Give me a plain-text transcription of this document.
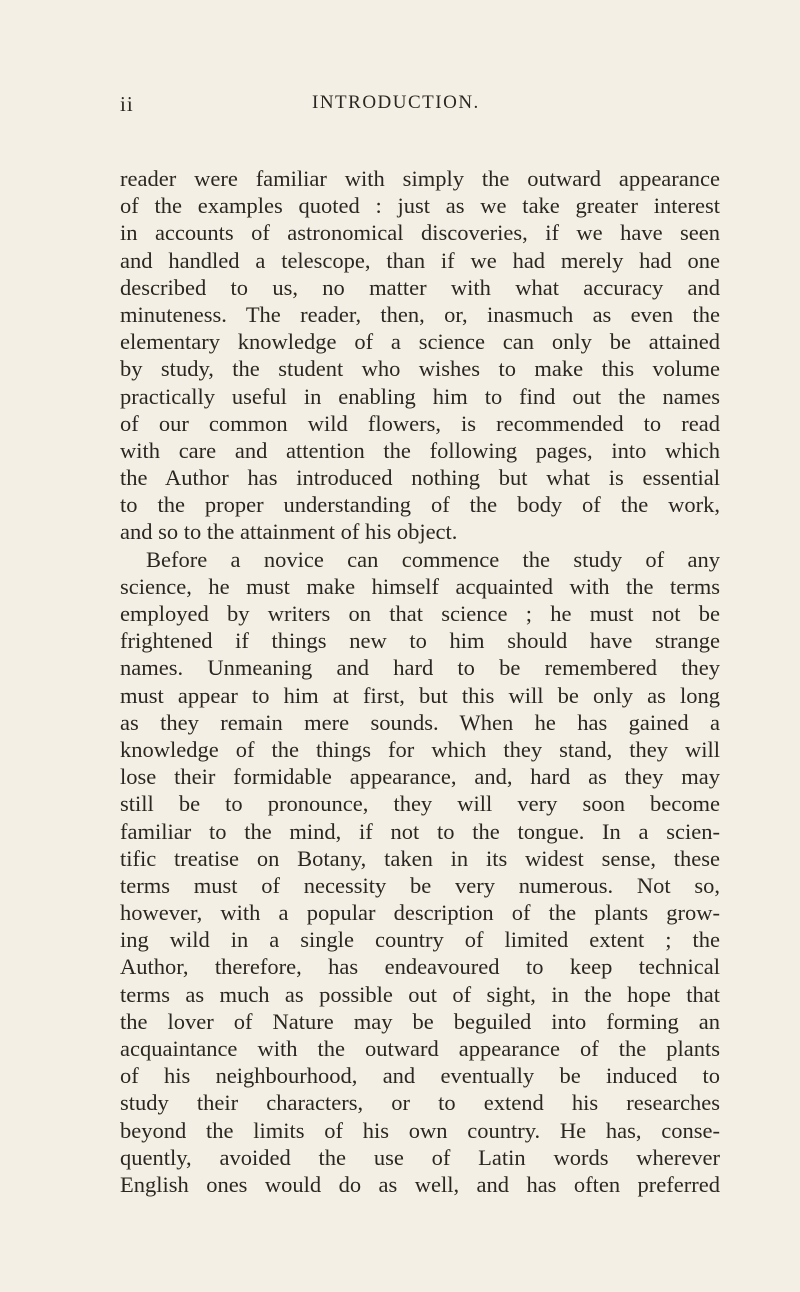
ii	INTRODUCTION.
reader were familiar with simply the outward appearance
of the examples quoted : just as we take greater interest
in accounts of astronomical discoveries, if we have seen
and handled a telescope, than if we had merely had one
described to us, no matter with what accuracy and
minuteness. The reader, then, or, inasmuch as even the
elementary knowledge of a science can only be attained
by study, the student who wishes to make this volume
practically useful in enabling him to find out the names
of our common wild flowers, is recommended to read
with care and attention the following pages, into which
the Author has introduced nothing but what is essential
to the proper understanding of the body of the work,
and so to the attainment of his object.
Before a novice can commence the study of any
science, he must make himself acquainted with the terms
employed by writers on that science ; he must not be
frightened if things new to him should have strange
names. Unmeaning and hard to be remembered they
must appear to him at first, but this will be only as long
as they remain mere sounds. When he has gained a
knowledge of the things for which they stand, they will
lose their formidable appearance, and, hard as they may
still be to pronounce, they will very soon become
familiar to the mind, if not to the tongue. In a scien-
tific treatise on Botany, taken in its widest sense, these
terms must of necessity be very numerous. Not so,
however, with a popular description of the plants grow-
ing wild in a single country of limited extent ; the
Author, therefore, has endeavoured to keep technical
terms as much as possible out of sight, in the hope that
the lover of Nature may be beguiled into forming an
acquaintance with the outward appearance of the plants
of his neighbourhood, and eventually be induced to
study their characters, or to extend his researches
beyond the limits of his own country. He has, conse-
quently, avoided the use of Latin words wherever
English ones would do as well, and has often preferred
